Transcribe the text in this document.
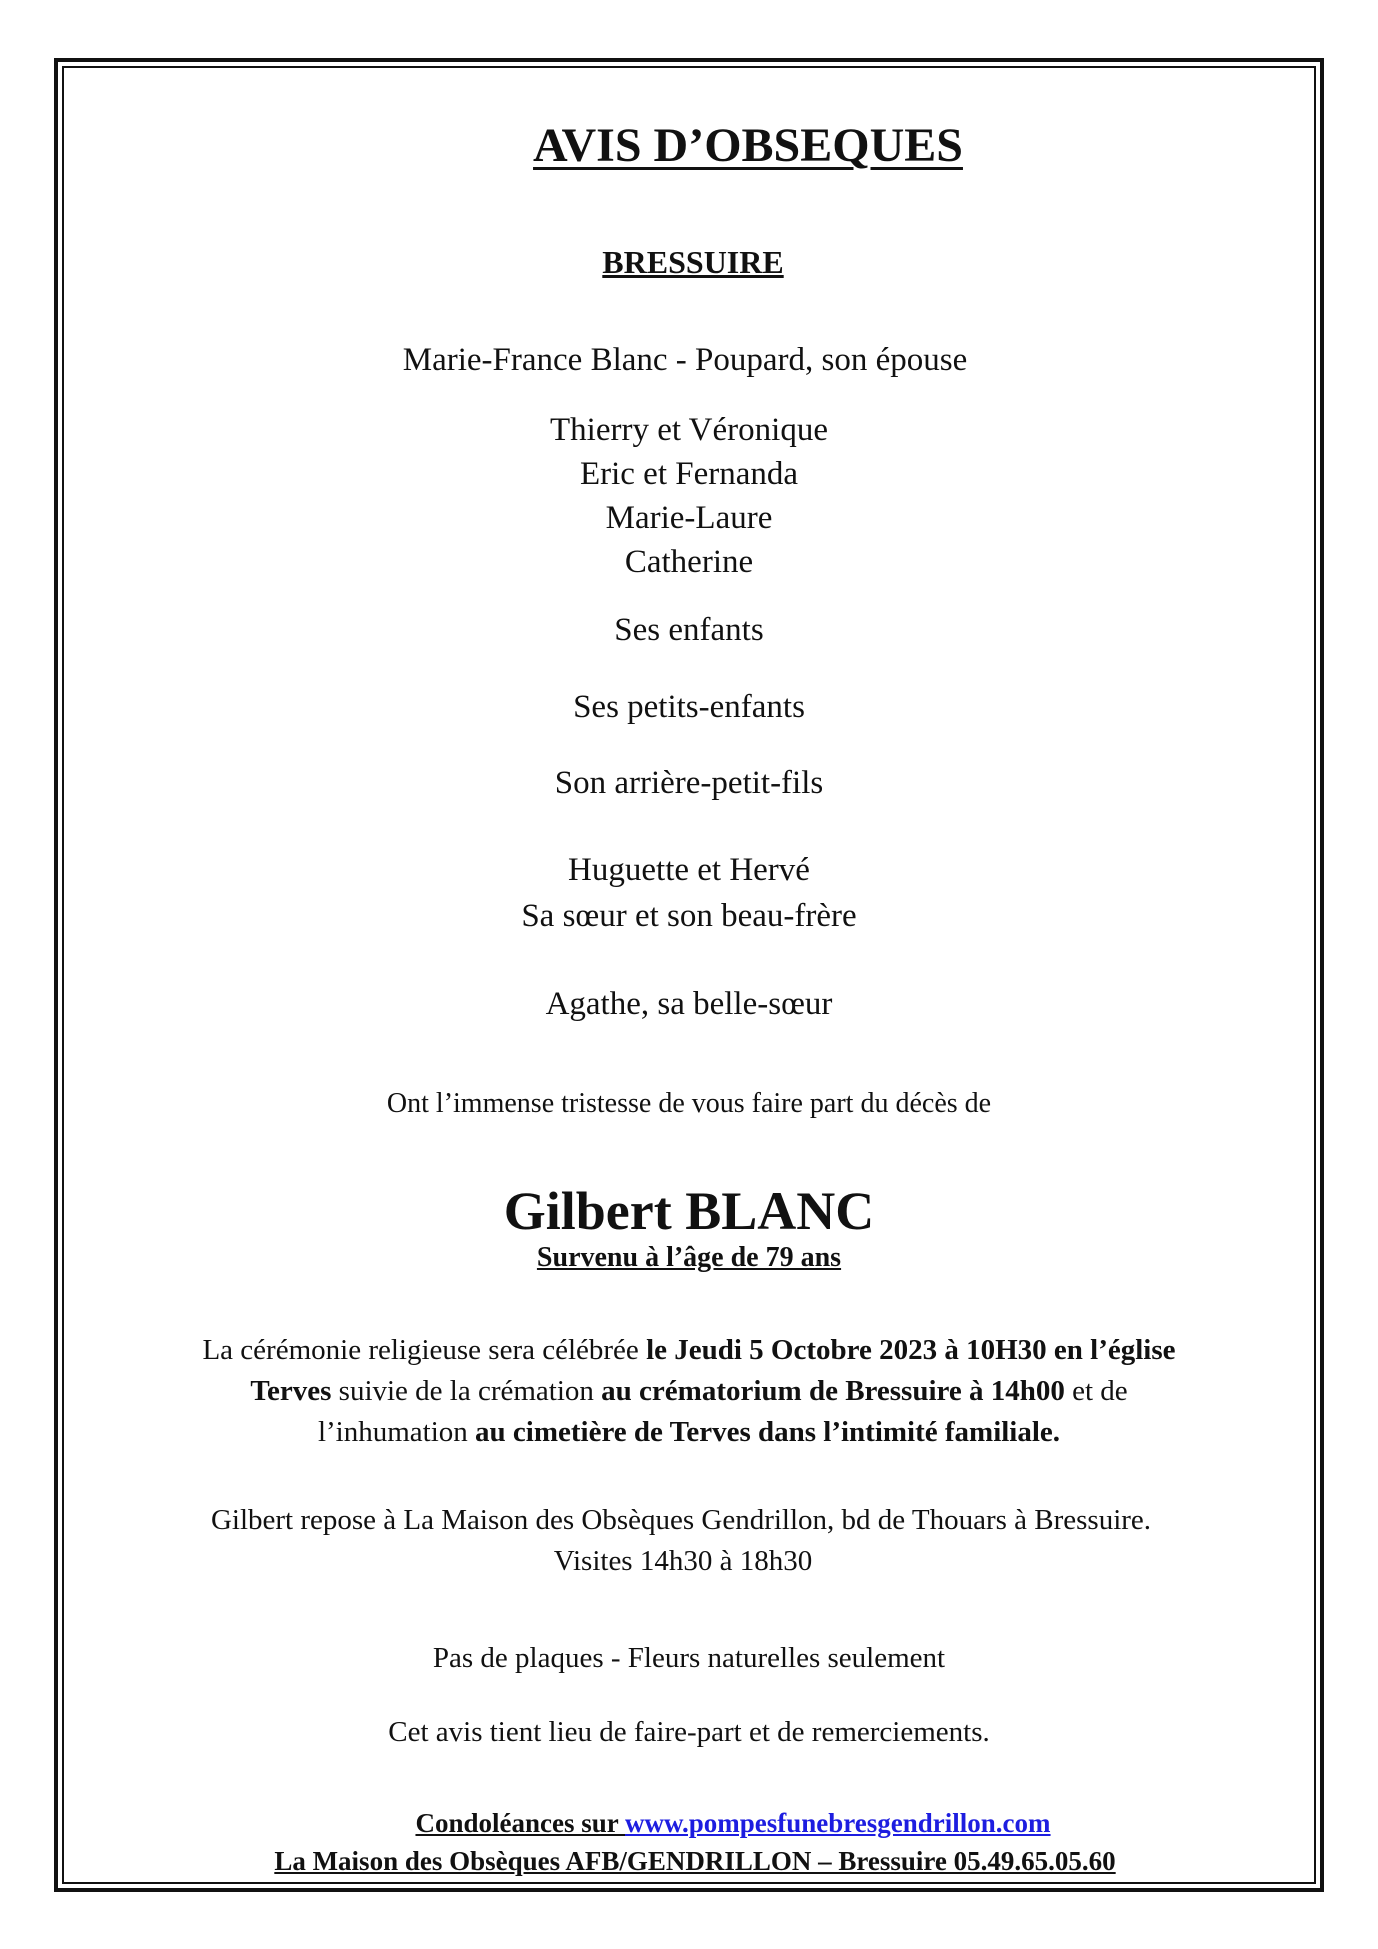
AVIS D’OBSEQUES
BRESSUIRE
Marie-France Blanc - Poupard, son épouse
Thierry et Véronique
Eric et Fernanda
Marie-Laure
Catherine
Ses enfants
Ses petits-enfants
Son arrière-petit-fils
Huguette et Hervé
Sa sœur et son beau-frère
Agathe, sa belle-sœur
Ont l’immense tristesse de vous faire part du décès de
Gilbert BLANC
Survenu à l’âge de 79 ans
La cérémonie religieuse sera célébrée le Jeudi 5 Octobre 2023 à 10H30 en l’église
Terves suivie de la crémation au crématorium de Bressuire à 14h00 et de
l’inhumation au cimetière de Terves dans l’intimité familiale.
Gilbert repose à La Maison des Obsèques Gendrillon, bd de Thouars à Bressuire.
Visites 14h30 à 18h30
Pas de plaques - Fleurs naturelles seulement
Cet avis tient lieu de faire-part et de remerciements.
Condoléances sur www.pompesfunebresgendrillon.com
La Maison des Obsèques AFB/GENDRILLON – Bressuire 05.49.65.05.60
